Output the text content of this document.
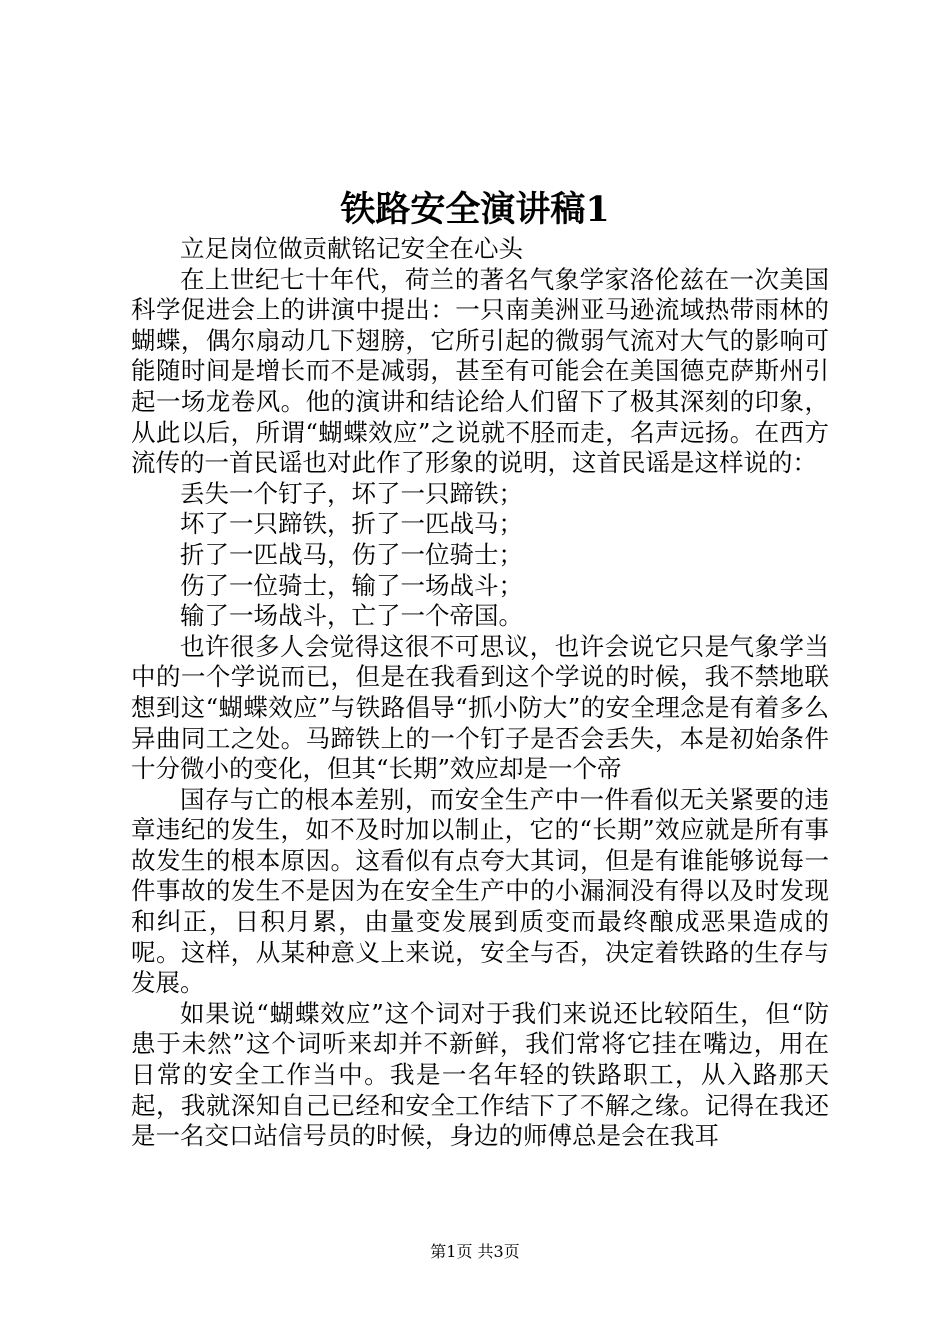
铁路安全演讲稿1

立足岗位做贡献铭记安全在心头

在上世纪七十年代，荷兰的著名气象学家洛伦兹在一次美国科学促进会上的讲演中提出：一只南美洲亚马逊流域热带雨林的蝴蝶，偶尔扇动几下翅膀，它所引起的微弱气流对大气的影响可能随时间是增长而不是减弱，甚至有可能会在美国德克萨斯州引起一场龙卷风。他的演讲和结论给人们留下了极其深刻的印象，从此以后，所谓“蝴蝶效应”之说就不胫而走，名声远扬。在西方流传的一首民谣也对此作了形象的说明，这首民谣是这样说的：

丢失一个钉子，坏了一只蹄铁；

坏了一只蹄铁，折了一匹战马；

折了一匹战马，伤了一位骑士；

伤了一位骑士，输了一场战斗；

输了一场战斗，亡了一个帝国。

也许很多人会觉得这很不可思议，也许会说它只是气象学当中的一个学说而已，但是在我看到这个学说的时候，我不禁地联想到这“蝴蝶效应”与铁路倡导“抓小防大”的安全理念是有着多么异曲同工之处。马蹄铁上的一个钉子是否会丢失，本是初始条件十分微小的变化，但其“长期”效应却是一个帝

国存与亡的根本差别，而安全生产中一件看似无关紧要的违章违纪的发生，如不及时加以制止，它的“长期”效应就是所有事故发生的根本原因。这看似有点夸大其词，但是有谁能够说每一件事故的发生不是因为在安全生产中的小漏洞没有得以及时发现和纠正，日积月累，由量变发展到质变而最终酿成恶果造成的呢。这样，从某种意义上来说，安全与否，决定着铁路的生存与发展。

如果说“蝴蝶效应”这个词对于我们来说还比较陌生，但“防患于未然”这个词听来却并不新鲜，我们常将它挂在嘴边，用在日常的安全工作当中。我是一名年轻的铁路职工，从入路那天起，我就深知自己已经和安全工作结下了不解之缘。记得在我还是一名交口站信号员的时候，身边的师傅总是会在我耳

第1页 共3页
